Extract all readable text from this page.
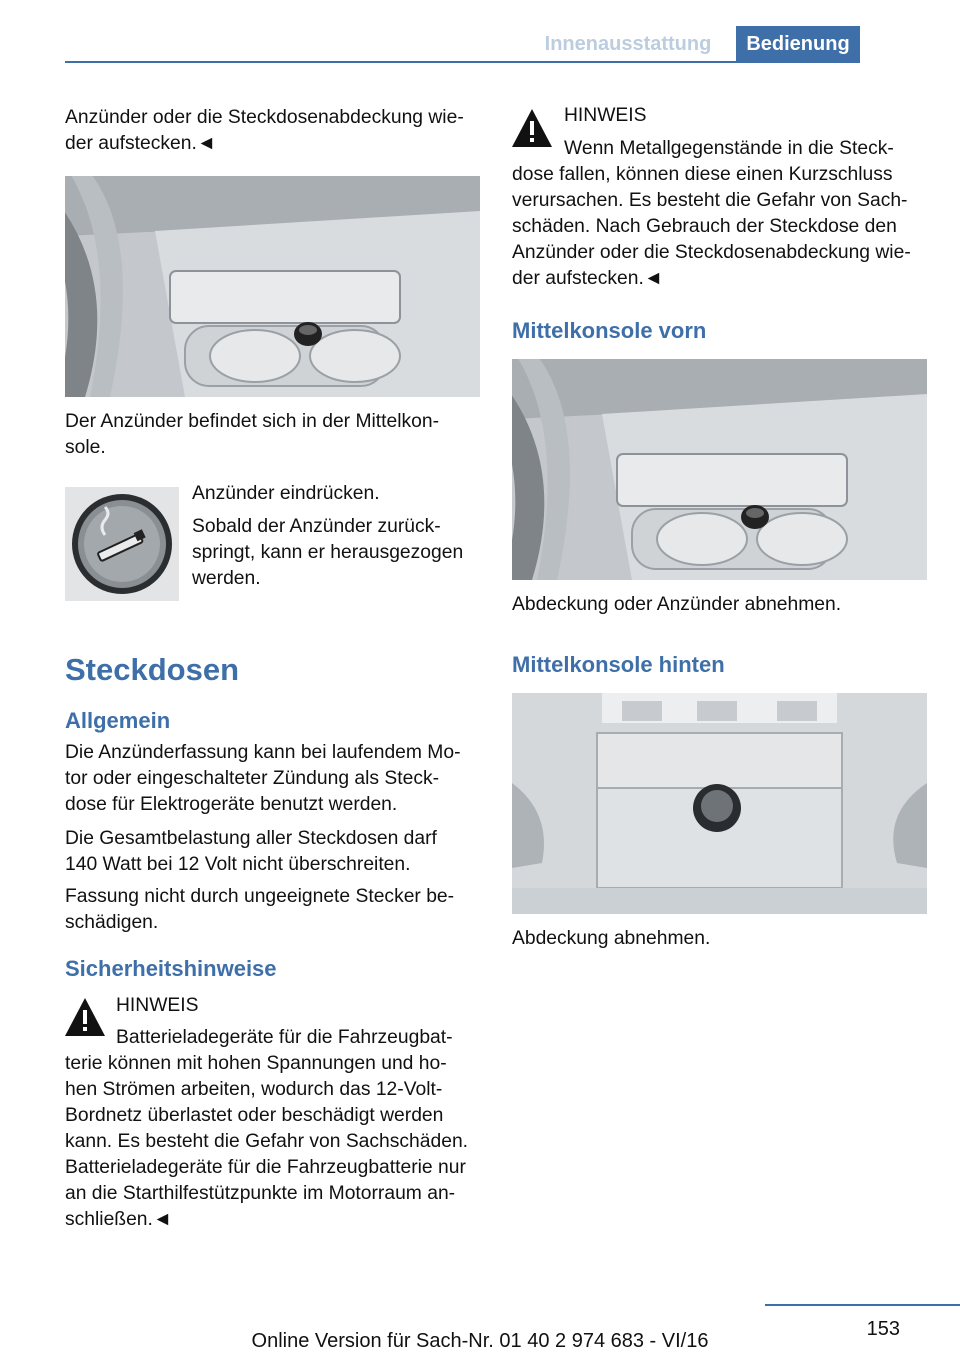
Innenausstattung	Bedienung
Anzünder oder die Steckdosenabdeckung wie-
der aufstecken.◄
Der Anzünder befindet sich in der Mittelkon-
sole.
Anzünder eindrücken.
Sobald der Anzünder zurück-
springt, kann er herausgezogen
werden.
Steckdosen
Allgemein
Die Anzünderfassung kann bei laufendem Mo-
tor oder eingeschalteter Zündung als Steck-
dose für Elektrogeräte benutzt werden.
Die Gesamtbelastung aller Steckdosen darf
140 Watt bei 12 Volt nicht überschreiten.
Fassung nicht durch ungeeignete Stecker be-
schädigen.
Sicherheitshinweise
HINWEIS
Batterieladegeräte für die Fahrzeugbat-
terie können mit hohen Spannungen und ho-
hen Strömen arbeiten, wodurch das 12-Volt-
Bordnetz überlastet oder beschädigt werden
kann. Es besteht die Gefahr von Sachschäden.
Batterieladegeräte für die Fahrzeugbatterie nur
an die Starthilfestützpunkte im Motorraum an-
schließen.◄
HINWEIS
Wenn Metallgegenstände in die Steck-
dose fallen, können diese einen Kurzschluss
verursachen. Es besteht die Gefahr von Sach-
schäden. Nach Gebrauch der Steckdose den
Anzünder oder die Steckdosenabdeckung wie-
der aufstecken.◄
Mittelkonsole vorn
Abdeckung oder Anzünder abnehmen.
Mittelkonsole hinten
Abdeckung abnehmen.
153
Online Version für Sach-Nr. 01 40 2 974 683 - VI/16
